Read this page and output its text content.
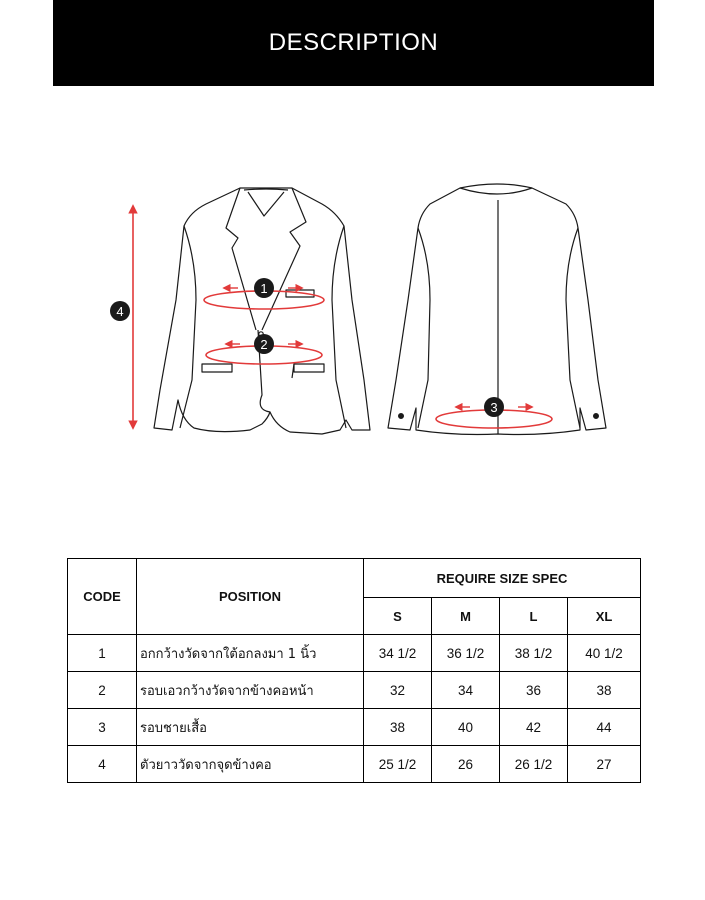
DESCRIPTION
1
2
3
4
CODE	POSITION	REQUIRE SIZE SPEC			
		S	M	L	XL
1	อกกว้างวัดจากใต้อกลงมา 1 นิ้ว	34 1/2	36 1/2	38 1/2	40 1/2
2	รอบเอวกว้างวัดจากข้างคอหน้า	32	34	36	38
3	รอบชายเสื้อ	38	40	42	44
4	ตัวยาววัดจากจุดข้างคอ	25 1/2	26	26 1/2	27
